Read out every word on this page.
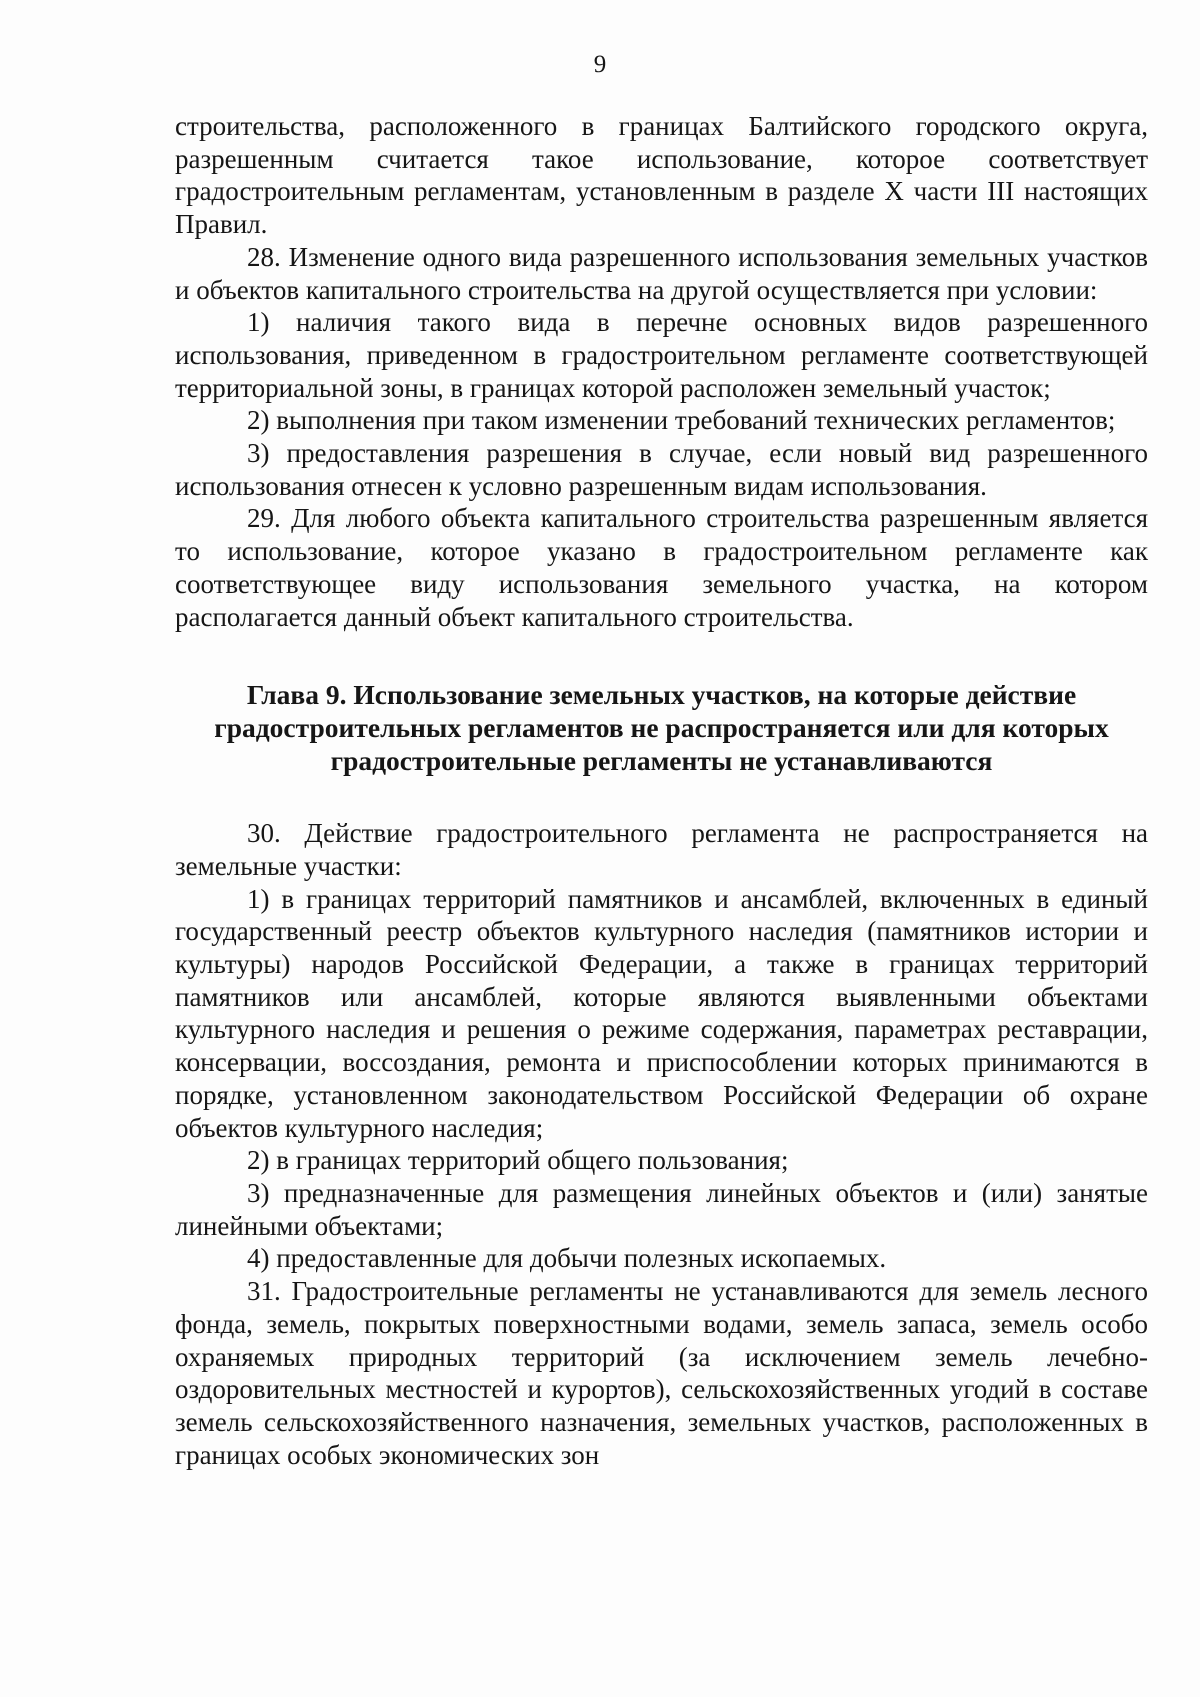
9

строительства, расположенного в границах Балтийского городского округа, разрешенным считается такое использование, которое соответствует градостроительным регламентам, установленным в разделе X части III настоящих Правил.

28. Изменение одного вида разрешенного использования земельных участков и объектов капитального строительства на другой осуществляется при условии:

1) наличия такого вида в перечне основных видов разрешенного использования, приведенном в градостроительном регламенте соответствующей территориальной зоны, в границах которой расположен земельный участок;

2) выполнения при таком изменении требований технических регламентов;

3) предоставления разрешения в случае, если новый вид разрешенного использования отнесен к условно разрешенным видам использования.

29. Для любого объекта капитального строительства разрешенным является то использование, которое указано в градостроительном регламенте как соответствующее виду использования земельного участка, на котором располагается данный объект капитального строительства.

Глава 9. Использование земельных участков, на которые действие
градостроительных регламентов не распространяется или для которых
градостроительные регламенты не устанавливаются

30. Действие градостроительного регламента не распространяется на земельные участки:

1) в границах территорий памятников и ансамблей, включенных в единый государственный реестр объектов культурного наследия (памятников истории и культуры) народов Российской Федерации, а также в границах территорий памятников или ансамблей, которые являются выявленными объектами культурного наследия и решения о режиме содержания, параметрах реставрации, консервации, воссоздания, ремонта и приспособлении которых принимаются в порядке, установленном законодательством Российской Федерации об охране объектов культурного наследия;

2) в границах территорий общего пользования;

3) предназначенные для размещения линейных объектов и (или) занятые линейными объектами;

4) предоставленные для добычи полезных ископаемых.

31. Градостроительные регламенты не устанавливаются для земель лесного фонда, земель, покрытых поверхностными водами, земель запаса, земель особо охраняемых природных территорий (за исключением земель лечебно-оздоровительных местностей и курортов), сельскохозяйственных угодий в составе земель сельскохозяйственного назначения, земельных участков, расположенных в границах особых экономических зон
